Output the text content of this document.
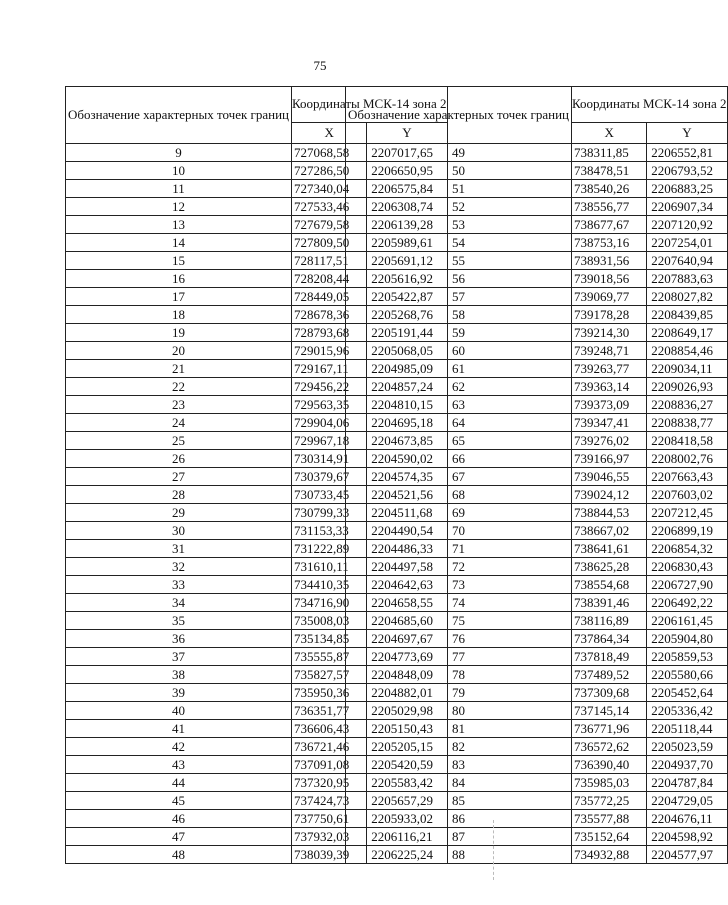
75
Обозначение характерных точек границ	Координаты МСК-14 зона 2	
	X	Y
9	727068,58	2207017,65
10	727286,50	2206650,95
11	727340,04	2206575,84
12	727533,46	2206308,74
13	727679,58	2206139,28
14	727809,50	2205989,61
15	728117,51	2205691,12
16	728208,44	2205616,92
17	728449,05	2205422,87
18	728678,36	2205268,76
19	728793,68	2205191,44
20	729015,96	2205068,05
21	729167,11	2204985,09
22	729456,22	2204857,24
23	729563,35	2204810,15
24	729904,06	2204695,18
25	729967,18	2204673,85
26	730314,91	2204590,02
27	730379,67	2204574,35
28	730733,45	2204521,56
29	730799,33	2204511,68
30	731153,33	2204490,54
31	731222,89	2204486,33
32	731610,11	2204497,58
33	734410,35	2204642,63
34	734716,90	2204658,55
35	735008,03	2204685,60
36	735134,85	2204697,67
37	735555,87	2204773,69
38	735827,57	2204848,09
39	735950,36	2204882,01
40	736351,77	2205029,98
41	736606,43	2205150,43
42	736721,46	2205205,15
43	737091,08	2205420,59
44	737320,95	2205583,42
45	737424,73	2205657,29
46	737750,61	2205933,02
47	737932,03	2206116,21
48	738039,39	2206225,24
Обозначение характерных точек границ	Координаты МСК-14 зона 2	
	X	Y
49	738311,85	2206552,81
50	738478,51	2206793,52
51	738540,26	2206883,25
52	738556,77	2206907,34
53	738677,67	2207120,92
54	738753,16	2207254,01
55	738931,56	2207640,94
56	739018,56	2207883,63
57	739069,77	2208027,82
58	739178,28	2208439,85
59	739214,30	2208649,17
60	739248,71	2208854,46
61	739263,77	2209034,11
62	739363,14	2209026,93
63	739373,09	2208836,27
64	739347,41	2208838,77
65	739276,02	2208418,58
66	739166,97	2208002,76
67	739046,55	2207663,43
68	739024,12	2207603,02
69	738844,53	2207212,45
70	738667,02	2206899,19
71	738641,61	2206854,32
72	738625,28	2206830,43
73	738554,68	2206727,90
74	738391,46	2206492,22
75	738116,89	2206161,45
76	737864,34	2205904,80
77	737818,49	2205859,53
78	737489,52	2205580,66
79	737309,68	2205452,64
80	737145,14	2205336,42
81	736771,96	2205118,44
82	736572,62	2205023,59
83	736390,40	2204937,70
84	735985,03	2204787,84
85	735772,25	2204729,05
86	735577,88	2204676,11
87	735152,64	2204598,92
88	734932,88	2204577,97
